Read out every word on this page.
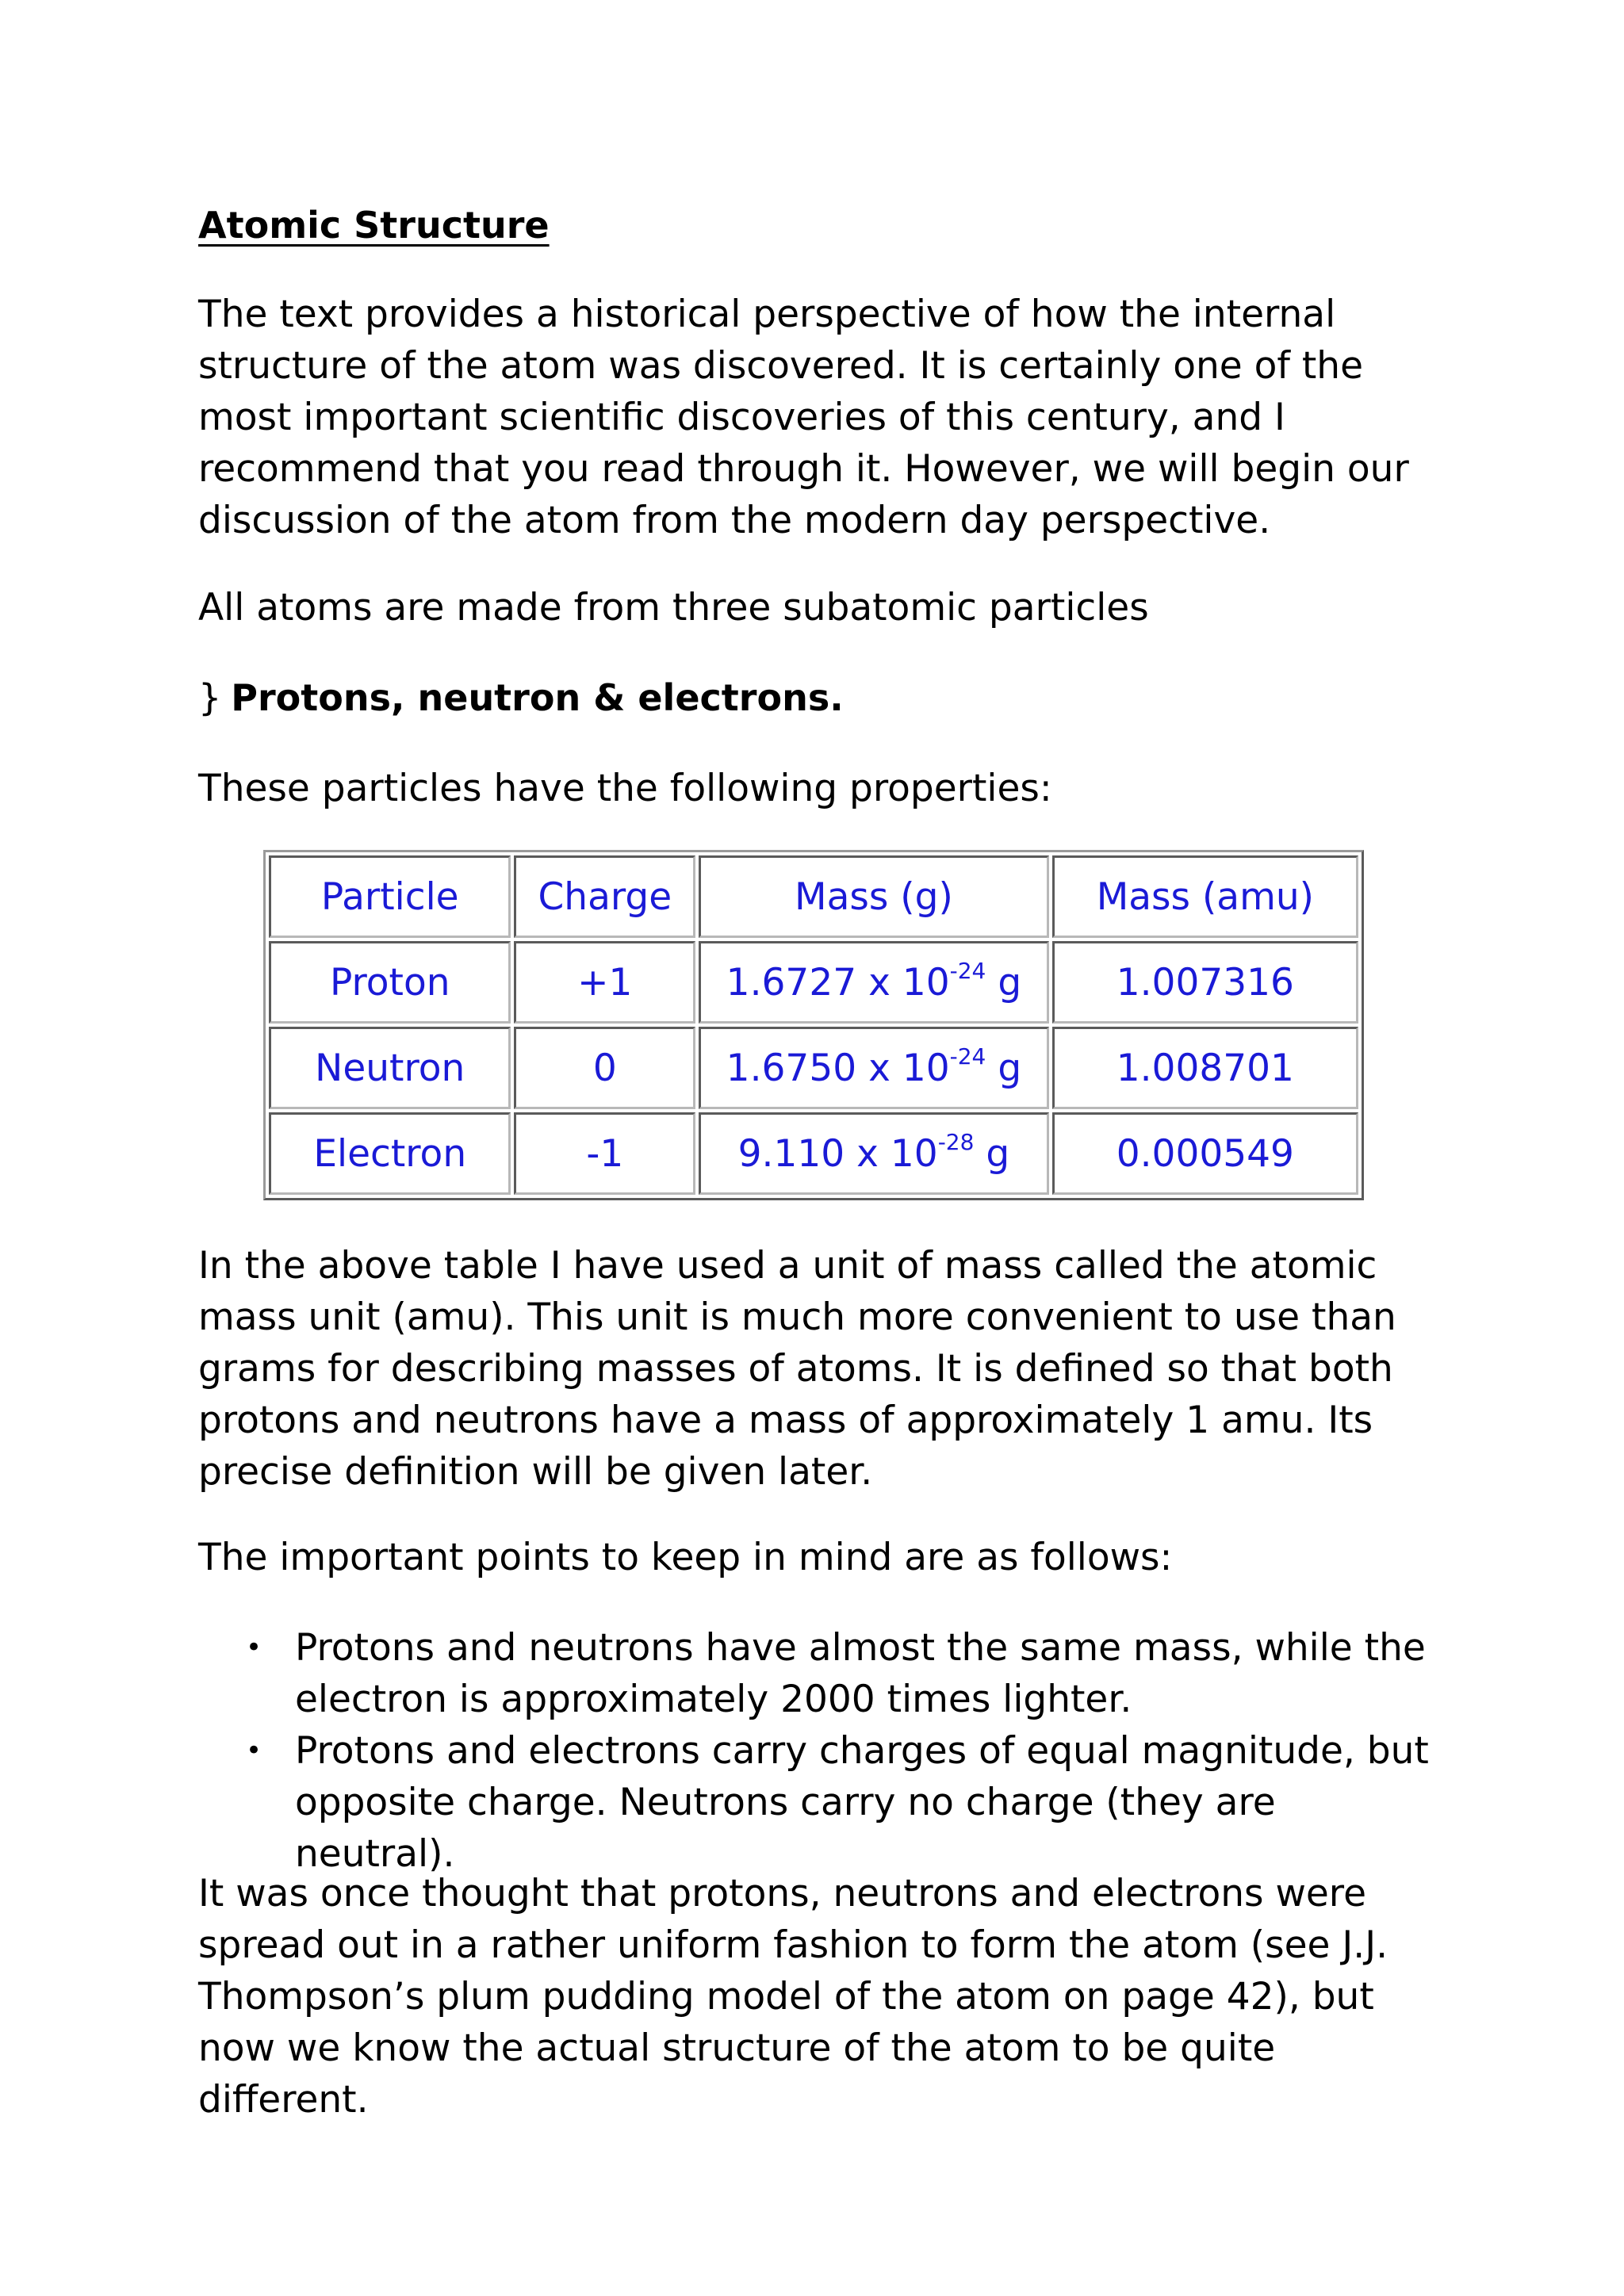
Atomic Structure

The text provides a historical perspective of how the internal structure of the atom was discovered. It is certainly one of the most important scientific discoveries of this century, and I recommend that you read through it. However, we will begin our discussion of the atom from the modern day perspective.

All atoms are made from three subatomic particles

} Protons, neutron & electrons.

These particles have the following properties:

Particle	Charge	Mass (g)	Mass (amu)
Proton	+1	1.6727 x $10^{-24}$ g	1.007316
Neutron	0	1.6750 x $10^{-24}$ g	1.008701
Electron	-1	9.110 x $10^{-28}$ g	0.000549

In the above table I have used a unit of mass called the atomic mass unit (amu). This unit is much more convenient to use than grams for describing masses of atoms. It is defined so that both protons and neutrons have a mass of approximately 1 amu. Its precise definition will be given later.

The important points to keep in mind are as follows:

• Protons and neutrons have almost the same mass, while the electron is approximately 2000 times lighter.
• Protons and electrons carry charges of equal magnitude, but opposite charge. Neutrons carry no charge (they are neutral).

It was once thought that protons, neutrons and electrons were spread out in a rather uniform fashion to form the atom (see J.J. Thompson’s plum pudding model of the atom on page 42), but now we know the actual structure of the atom to be quite different.
